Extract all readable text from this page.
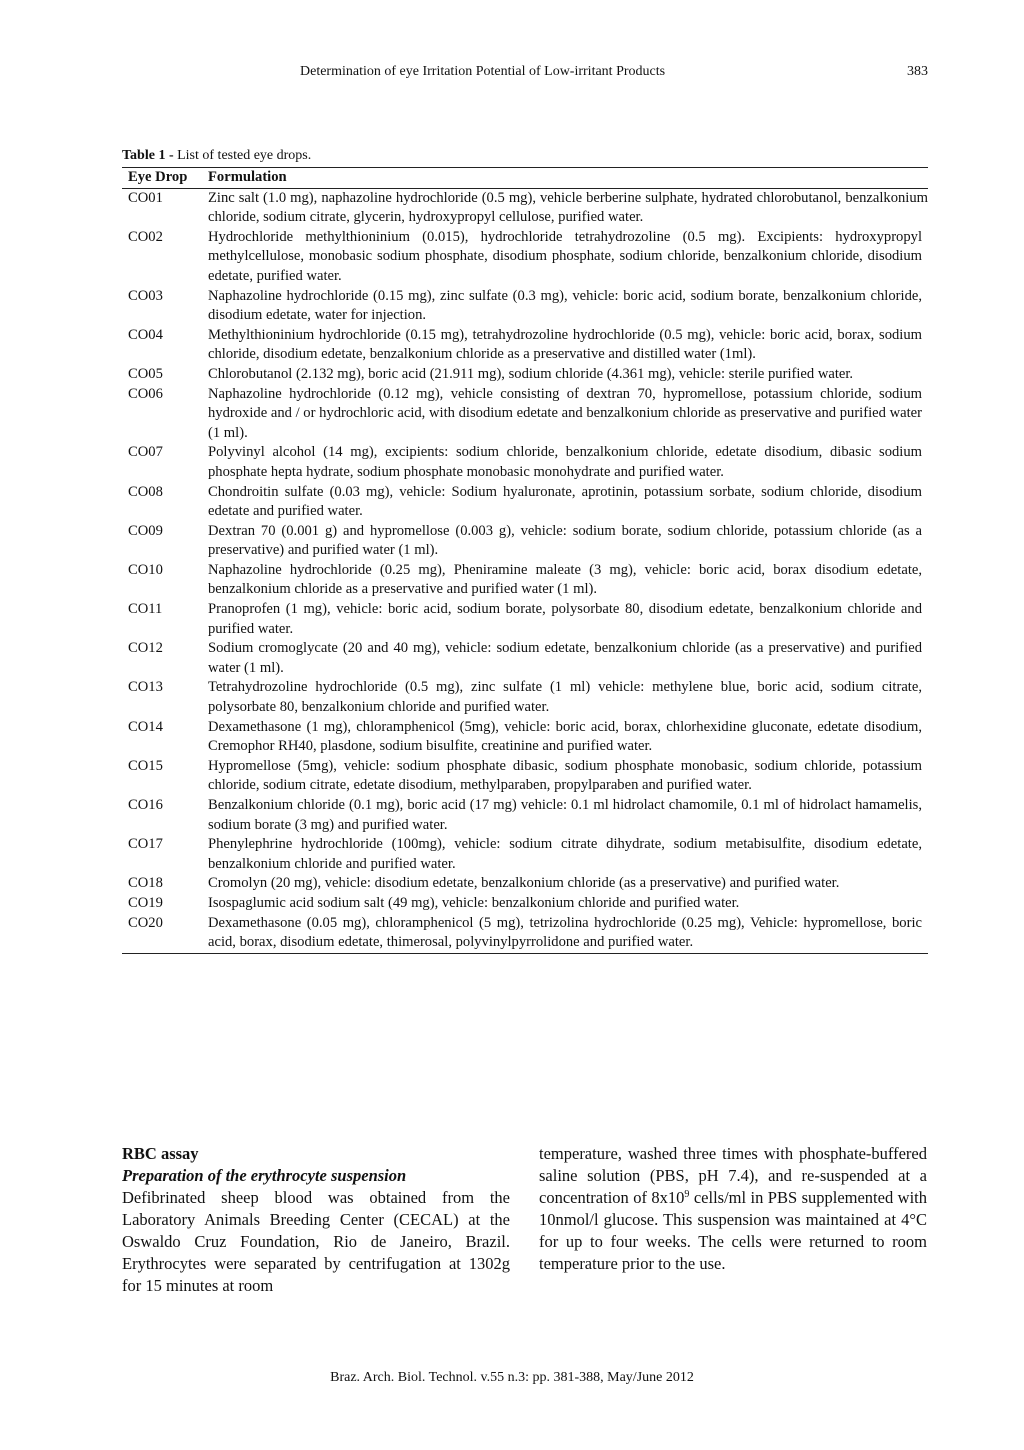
Determination of eye Irritation Potential of Low-irritant Products	383
Table 1 - List of tested eye drops.
Eye Drop	Formulation
CO01	Zinc salt (1.0 mg), naphazoline hydrochloride (0.5 mg), vehicle berberine sulphate, hydrated chlorobutanol, benzalkonium chloride, sodium citrate, glycerin, hydroxypropyl cellulose, purified water.
CO02	Hydrochloride methylthioninium (0.015), hydrochloride tetrahydrozoline (0.5 mg). Excipients: hydroxypropyl methylcellulose, monobasic sodium phosphate, disodium phosphate, sodium chloride, benzalkonium chloride, disodium edetate, purified water.
CO03	Naphazoline hydrochloride (0.15 mg), zinc sulfate (0.3 mg), vehicle: boric acid, sodium borate, benzalkonium chloride, disodium edetate, water for injection.
CO04	Methylthioninium hydrochloride (0.15 mg), tetrahydrozoline hydrochloride (0.5 mg), vehicle: boric acid, borax, sodium chloride, disodium edetate, benzalkonium chloride as a preservative and distilled water (1ml).
CO05	Chlorobutanol (2.132 mg), boric acid (21.911 mg), sodium chloride (4.361 mg), vehicle: sterile purified water.
CO06	Naphazoline hydrochloride (0.12 mg), vehicle consisting of dextran 70, hypromellose, potassium chloride, sodium hydroxide and / or hydrochloric acid, with disodium edetate and benzalkonium chloride as preservative and purified water (1 ml).
CO07	Polyvinyl alcohol (14 mg), excipients: sodium chloride, benzalkonium chloride, edetate disodium, dibasic sodium phosphate hepta hydrate, sodium phosphate monobasic monohydrate and purified water.
CO08	Chondroitin sulfate (0.03 mg), vehicle: Sodium hyaluronate, aprotinin, potassium sorbate, sodium chloride, disodium edetate and purified water.
CO09	Dextran 70 (0.001 g) and hypromellose (0.003 g), vehicle: sodium borate, sodium chloride, potassium chloride (as a preservative) and purified water (1 ml).
CO10	Naphazoline hydrochloride (0.25 mg), Pheniramine maleate (3 mg), vehicle: boric acid, borax disodium edetate, benzalkonium chloride as a preservative and purified water (1 ml).
CO11	Pranoprofen (1 mg), vehicle: boric acid, sodium borate, polysorbate 80, disodium edetate, benzalkonium chloride and purified water.
CO12	Sodium cromoglycate (20 and 40 mg), vehicle: sodium edetate, benzalkonium chloride (as a preservative) and purified water (1 ml).
CO13	Tetrahydrozoline hydrochloride (0.5 mg), zinc sulfate (1 ml) vehicle: methylene blue, boric acid, sodium citrate, polysorbate 80, benzalkonium chloride and purified water.
CO14	Dexamethasone (1 mg), chloramphenicol (5mg), vehicle: boric acid, borax, chlorhexidine gluconate, edetate disodium, Cremophor RH40, plasdone, sodium bisulfite, creatinine and purified water.
CO15	Hypromellose (5mg), vehicle: sodium phosphate dibasic, sodium phosphate monobasic, sodium chloride, potassium chloride, sodium citrate, edetate disodium, methylparaben, propylparaben and purified water.
CO16	Benzalkonium chloride (0.1 mg), boric acid (17 mg) vehicle: 0.1 ml hidrolact chamomile, 0.1 ml of hidrolact hamamelis, sodium borate (3 mg) and purified water.
CO17	Phenylephrine hydrochloride (100mg), vehicle: sodium citrate dihydrate, sodium metabisulfite, disodium edetate, benzalkonium chloride and purified water.
CO18	Cromolyn (20 mg), vehicle: disodium edetate, benzalkonium chloride (as a preservative) and purified water.
CO19	Isospaglumic acid sodium salt (49 mg), vehicle: benzalkonium chloride and purified water.
CO20	Dexamethasone (0.05 mg), chloramphenicol (5 mg), tetrizolina hydrochloride (0.25 mg), Vehicle: hypromellose, boric acid, borax, disodium edetate, thimerosal, polyvinylpyrrolidone and purified water.
RBC assay
Preparation of the erythrocyte suspension

Defibrinated sheep blood was obtained from the Laboratory Animals Breeding Center (CECAL) at the Oswaldo Cruz Foundation, Rio de Janeiro, Brazil. Erythrocytes were separated by centrifugation at 1302g for 15 minutes at room

temperature, washed three times with phosphate-buffered saline solution (PBS, pH 7.4), and re-suspended at a concentration of $8x10^9$ cells/ml in PBS supplemented with 10nmol/l glucose. This suspension was maintained at 4°C for up to four weeks. The cells were returned to room temperature prior to the use.

Braz. Arch. Biol. Technol. v.55 n.3: pp. 381-388, May/June 2012
